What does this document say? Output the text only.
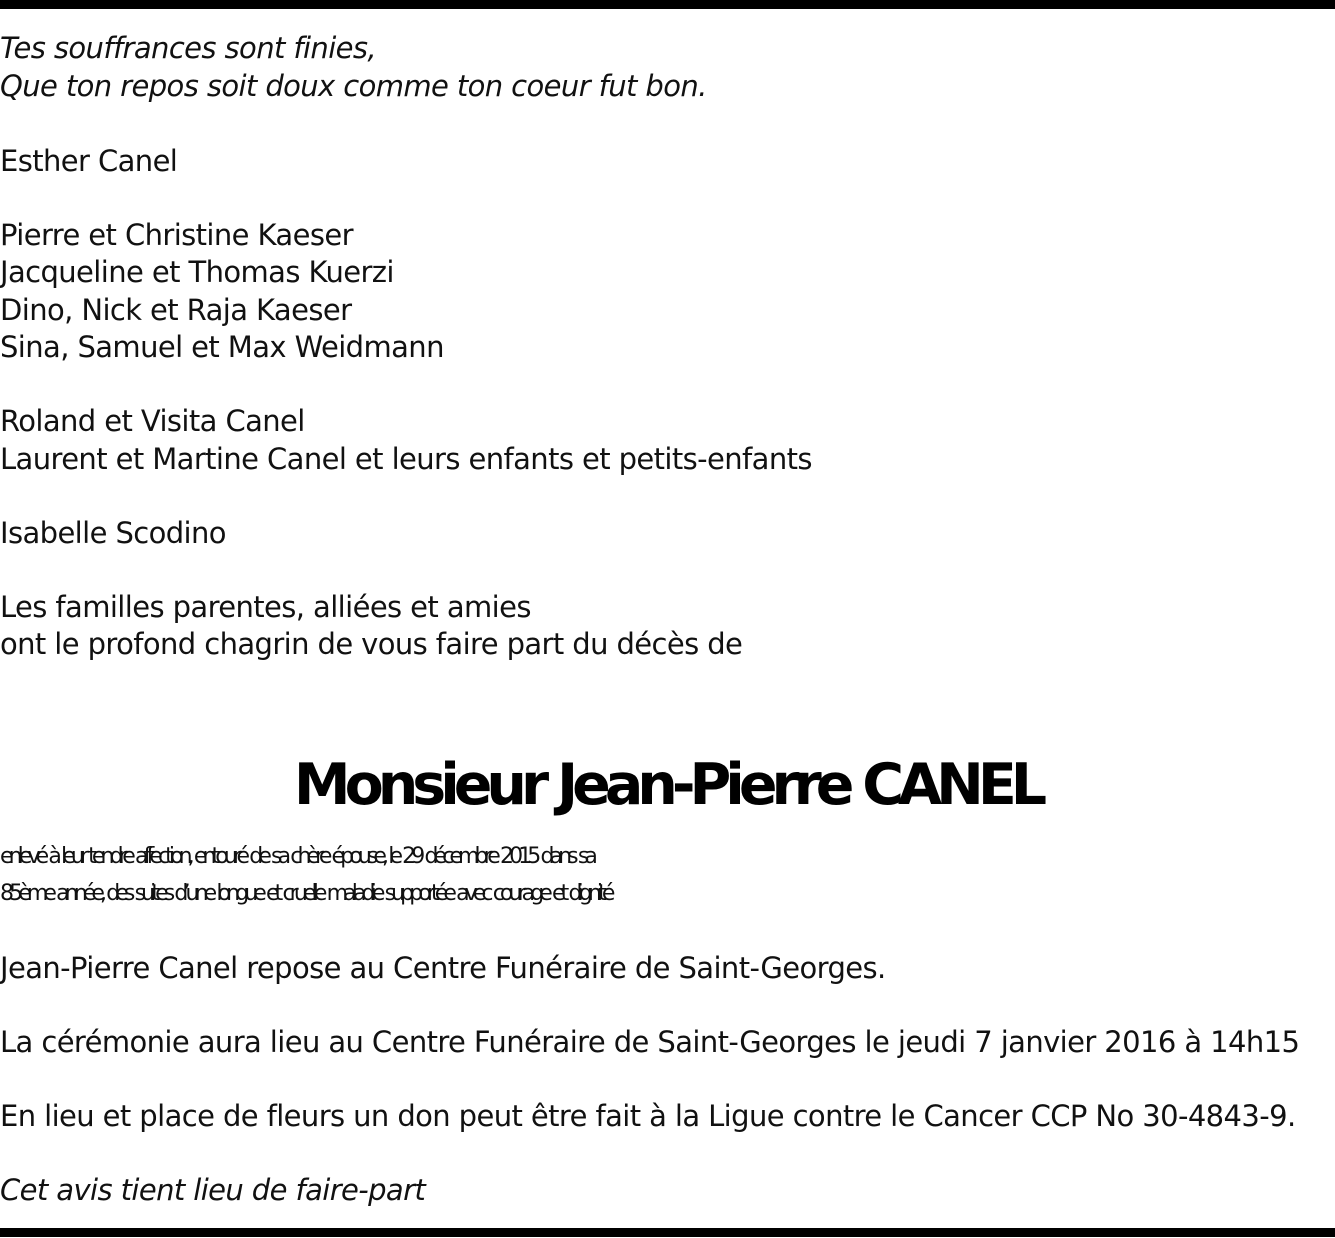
Tes souffrances sont finies,
Que ton repos soit doux comme ton coeur fut bon.
Esther Canel
Pierre et Christine Kaeser
Jacqueline et Thomas Kuerzi
Dino, Nick et Raja Kaeser
Sina, Samuel et Max Weidmann
Roland et Visita Canel
Laurent et Martine Canel et leurs enfants et petits-enfants
Isabelle Scodino
Les familles parentes, alliées et amies
ont le profond chagrin de vous faire part du décès de
Monsieur Jean-Pierre CANEL
enlevé à leur tendre affection, entouré de sa chère épouse, le 29 décembre 2015 dans sa
85ème année, des suites d’une longue et cruelle maladie supportée avec courage et dignité
Jean-Pierre Canel repose au Centre Funéraire de Saint-Georges.
La cérémonie aura lieu au Centre Funéraire de Saint-Georges le jeudi 7 janvier 2016 à 14h15
En lieu et place de fleurs un don peut être fait à la Ligue contre le Cancer CCP No 30-4843-9.
Cet avis tient lieu de faire-part
